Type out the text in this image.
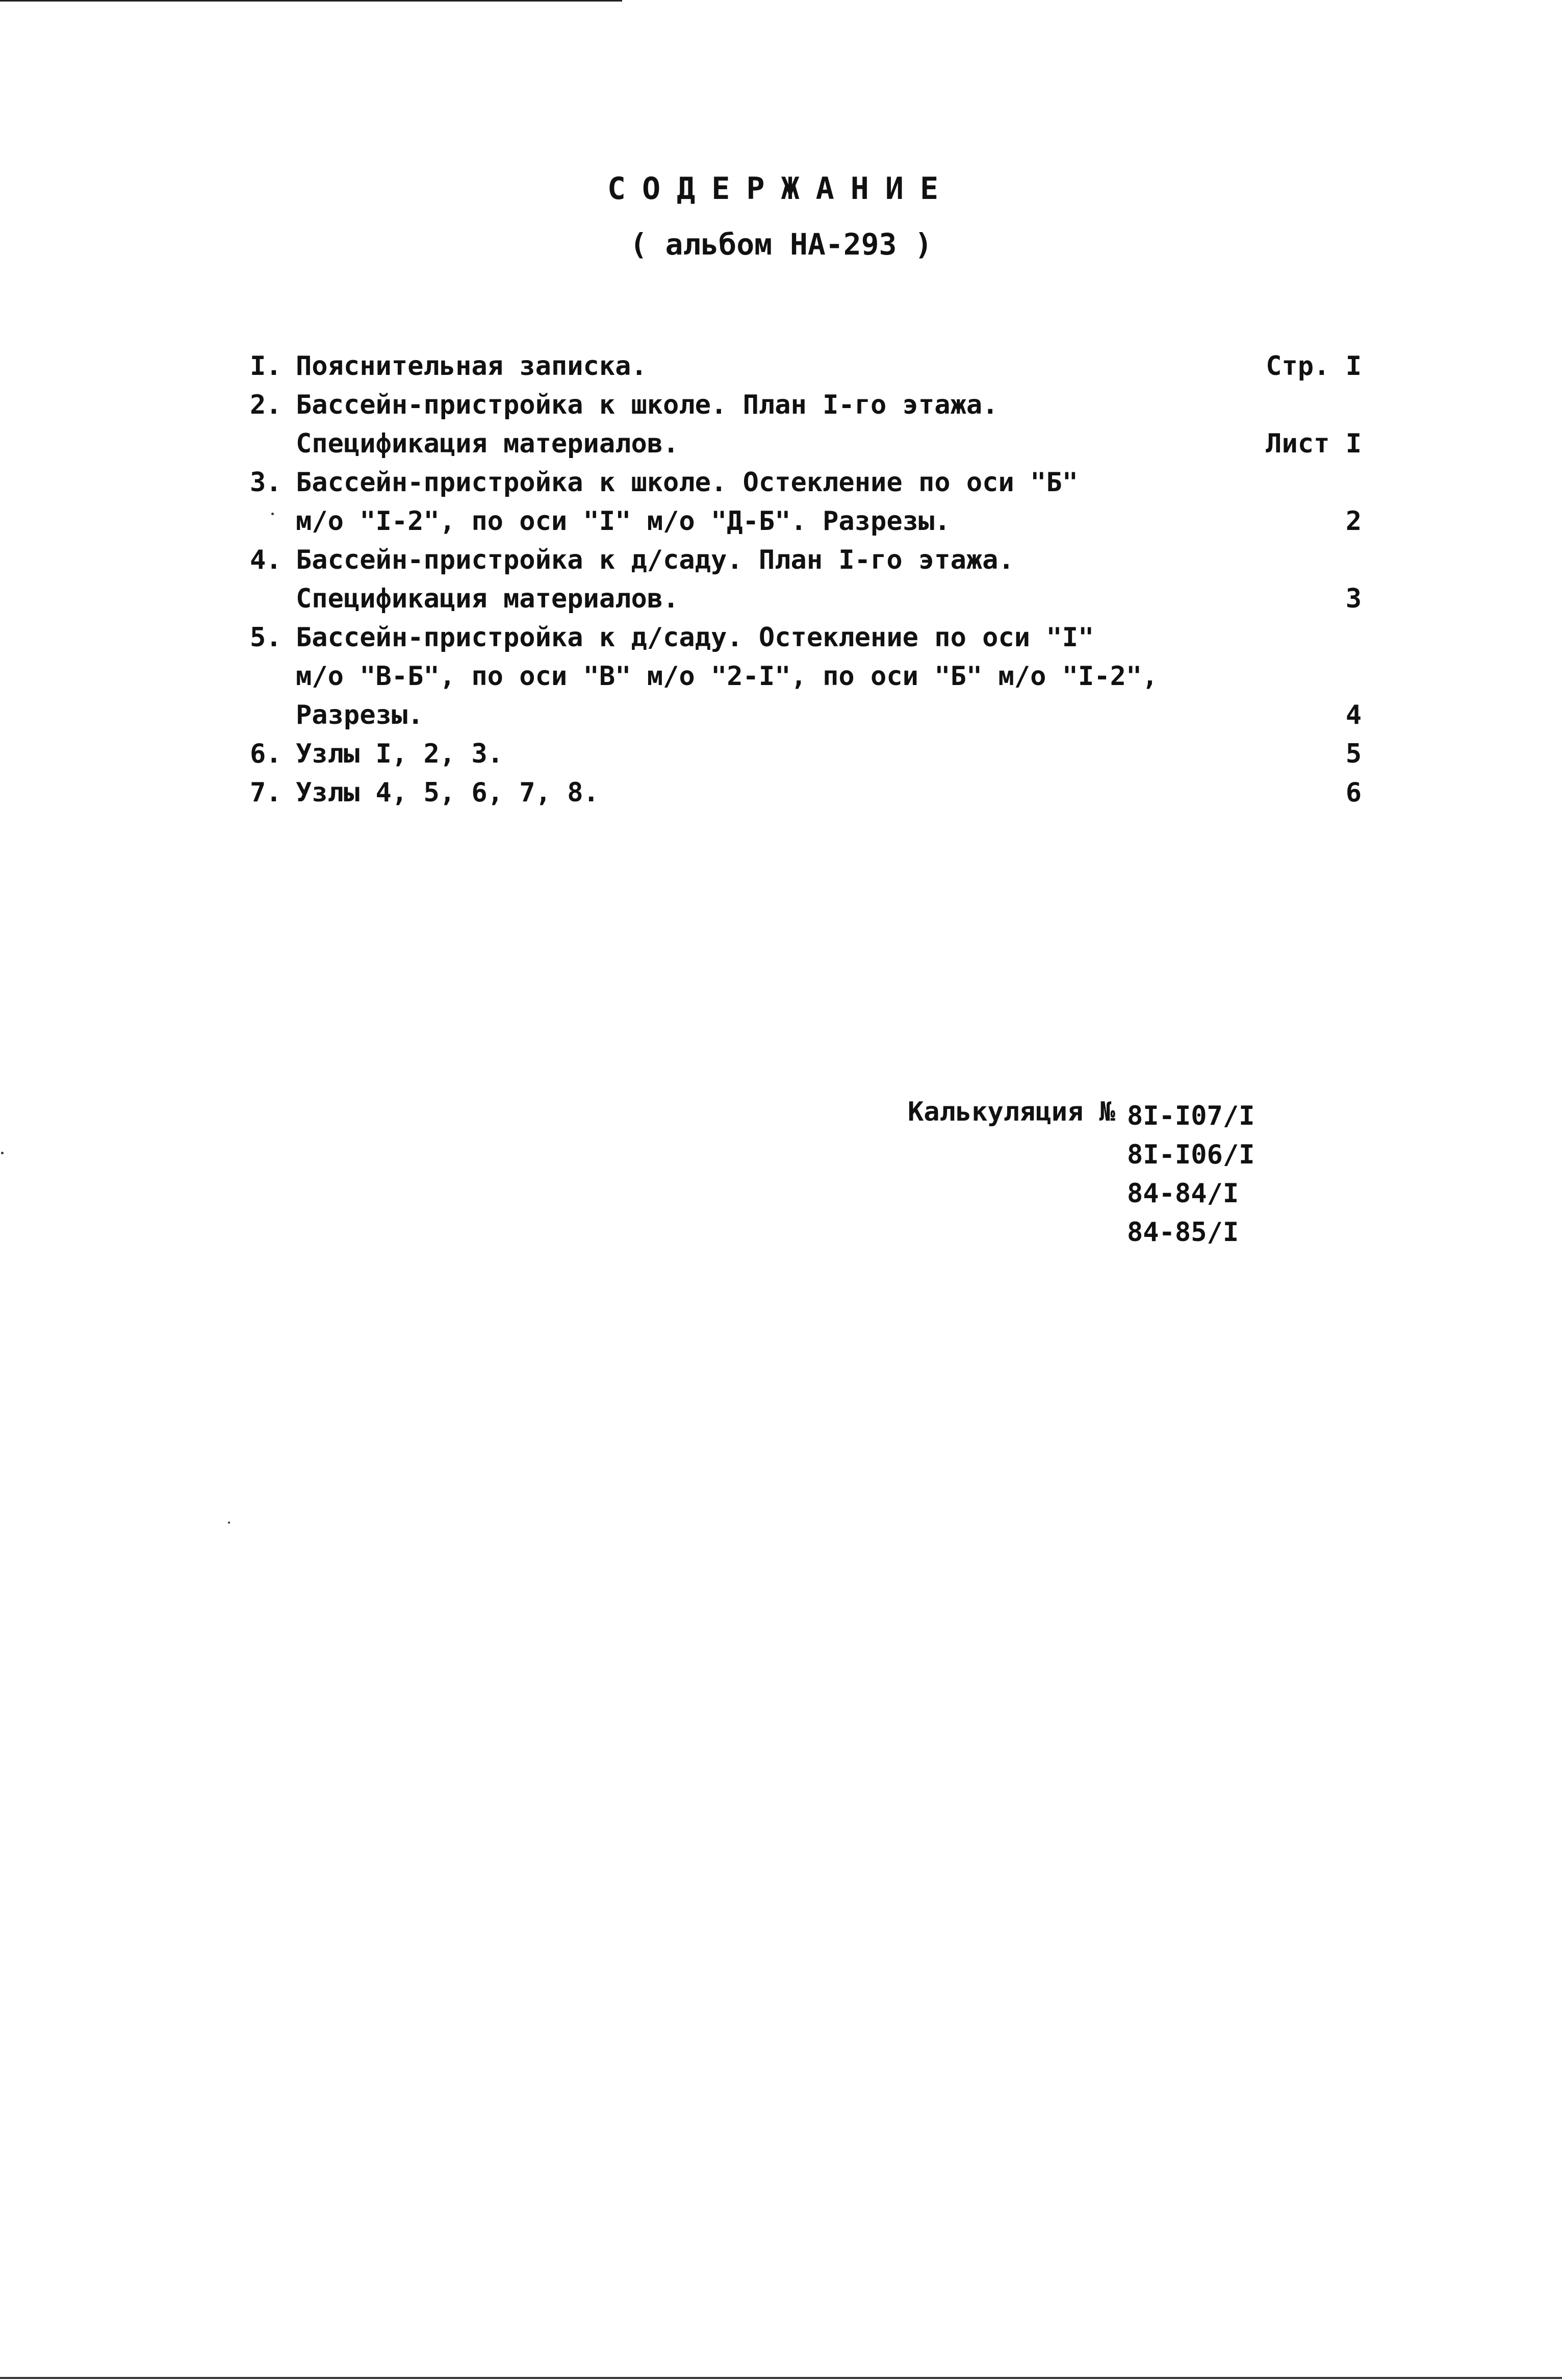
СОДЕРЖАНИЕ
( альбом НА-293 )
I. Пояснительная записка.	Стр. I
2. Бассейн-пристройка к школе. План I-го этажа.
Спецификация материалов.	Лист I
3. Бассейн-пристройка к школе. Остекление по оси "Б"
м/о "I-2", по оси "I" м/о "Д-Б". Разрезы.	2
4. Бассейн-пристройка к д/саду. План I-го этажа.
Спецификация материалов.	3
5. Бассейн-пристройка к д/саду. Остекление по оси "I"
м/о "В-Б", по оси "В" м/о "2-I", по оси "Б" м/о "I-2",
Разрезы.	4
6. Узлы I, 2, 3.	5
7. Узлы 4, 5, 6, 7, 8.	6
Калькуляция № 8I-I07/I
8I-I06/I
84-84/I
84-85/I
